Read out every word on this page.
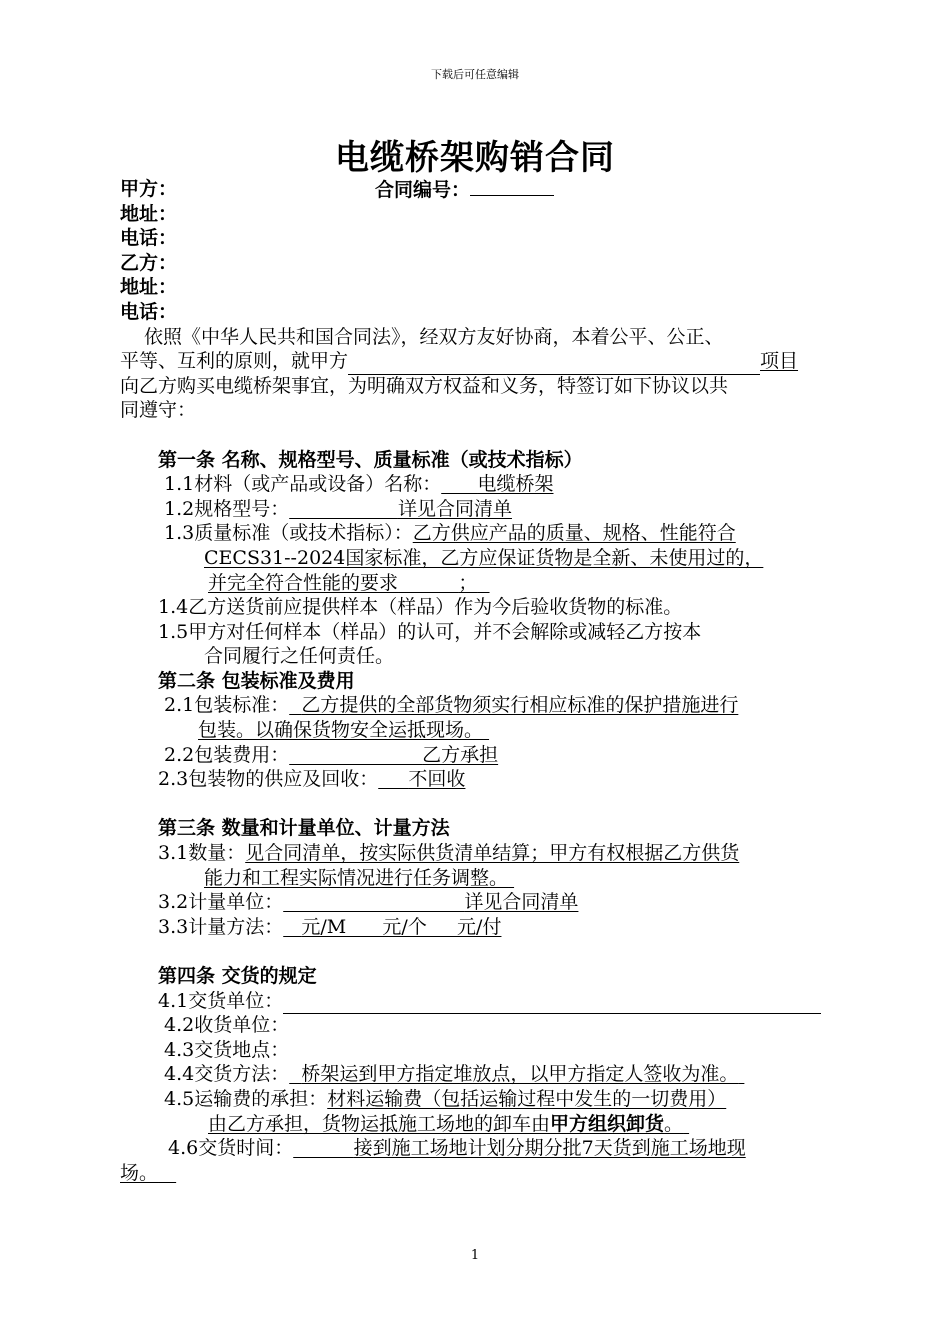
下载后可任意编辑
电缆桥架购销合同
甲方：	合同编号：
地址：
电话：
乙方：
地址：
电话：
依照《中华人民共和国合同法》，经双方友好协商，本着公平、公正、
平等、互利的原则，就甲方	项目
向乙方购买电缆桥架事宜，为明确双方权益和义务，特签订如下协议以共
同遵守：
第一条 名称、规格型号、质量标准（或技术指标）
1.1材料（或产品或设备）名称： 电缆桥架
1.2规格型号：	详见合同清单
1.3质量标准（或技术指标）：乙方供应产品的质量、规格、性能符合
CECS31--2024国家标准，乙方应保证货物是全新、未使用过的，
并完全符合性能的要求	；
1.4乙方送货前应提供样本（样品）作为今后验收货物的标准。
1.5甲方对任何样本（样品）的认可，并不会解除或减轻乙方按本
合同履行之任何责任。
第二条 包装标准及费用
2.1包装标准： 乙方提供的全部货物须实行相应标准的保护措施进行
包装。以确保货物安全运抵现场。
2.2包装费用：	乙方承担
2.3包装物的供应及回收： 不回收
第三条 数量和计量单位、计量方法
3.1数量：见合同清单，按实际供货清单结算；甲方有权根据乙方供货
能力和工程实际情况进行任务调整。
3.2计量单位：	详见合同清单
3.3计量方法： 元/M      元/个     元/付
第四条 交货的规定
4.1交货单位：
4.2收货单位：
4.3交货地点：
4.4交货方法： 桥架运到甲方指定堆放点，以甲方指定人签收为准。
4.5运输费的承担：材料运输费（包括运输过程中发生的一切费用）
由乙方承担，货物运抵施工场地的卸车由甲方组织卸货。
4.6交货时间：	接到施工场地计划分期分批7天货到施工场地现
场。
1
